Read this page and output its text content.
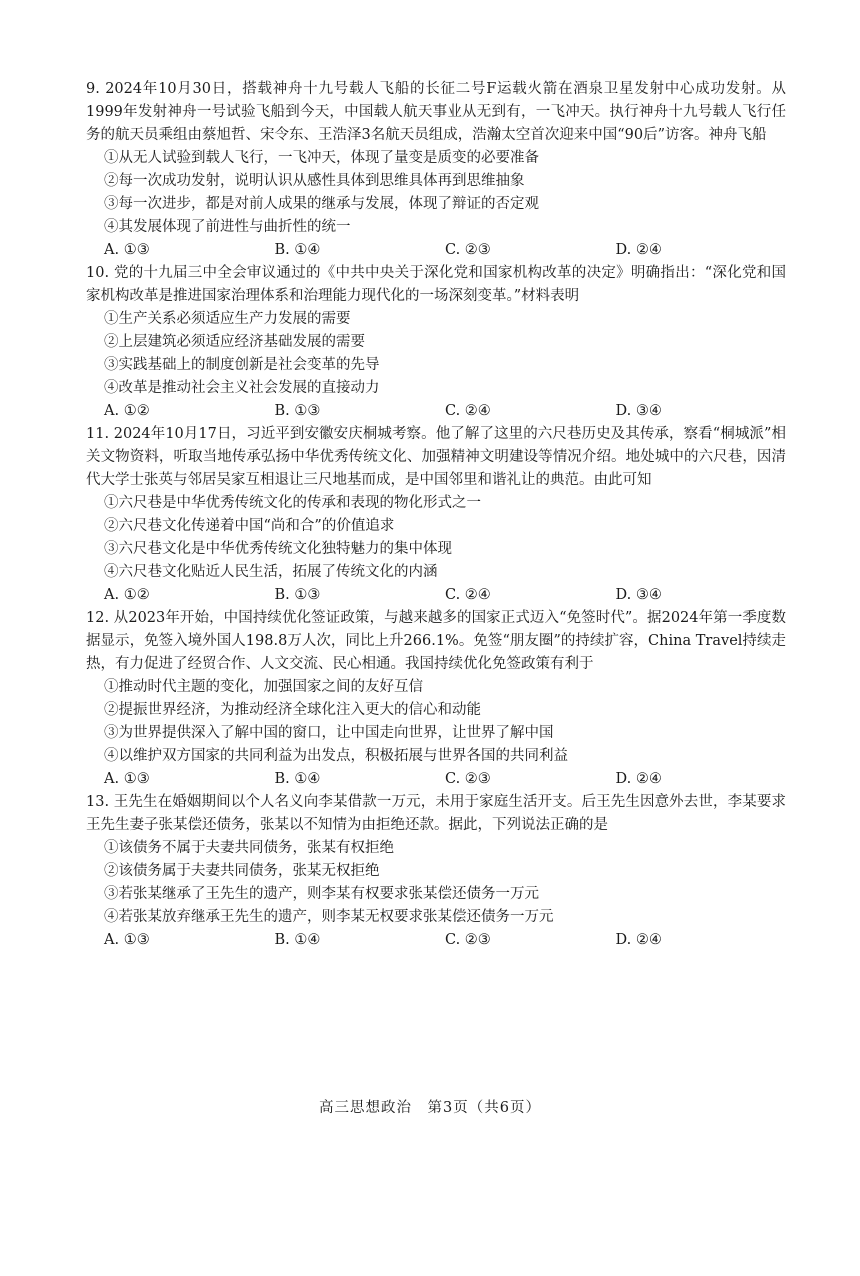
9. 2024年10月30日，搭载神舟十九号载人飞船的长征二号F运载火箭在酒泉卫星发射中心成功发射。从1999年发射神舟一号试验飞船到今天，中国载人航天事业从无到有，一飞冲天。执行神舟十九号载人飞行任务的航天员乘组由蔡旭哲、宋令东、王浩泽3名航天员组成，浩瀚太空首次迎来中国“90后”访客。神舟飞船
①从无人试验到载人飞行，一飞冲天，体现了量变是质变的必要准备
②每一次成功发射，说明认识从感性具体到思维具体再到思维抽象
③每一次进步，都是对前人成果的继承与发展，体现了辩证的否定观
④其发展体现了前进性与曲折性的统一
A. ①③	B. ①④	C. ②③	D. ②④
10. 党的十九届三中全会审议通过的《中共中央关于深化党和国家机构改革的决定》明确指出：“深化党和国家机构改革是推进国家治理体系和治理能力现代化的一场深刻变革。”材料表明
①生产关系必须适应生产力发展的需要
②上层建筑必须适应经济基础发展的需要
③实践基础上的制度创新是社会变革的先导
④改革是推动社会主义社会发展的直接动力
A. ①②	B. ①③	C. ②④	D. ③④
11. 2024年10月17日，习近平到安徽安庆桐城考察。他了解了这里的六尺巷历史及其传承，察看“桐城派”相关文物资料，听取当地传承弘扬中华优秀传统文化、加强精神文明建设等情况介绍。地处城中的六尺巷，因清代大学士张英与邻居吴家互相退让三尺地基而成，是中国邻里和谐礼让的典范。由此可知
①六尺巷是中华优秀传统文化的传承和表现的物化形式之一
②六尺巷文化传递着中国“尚和合”的价值追求
③六尺巷文化是中华优秀传统文化独特魅力的集中体现
④六尺巷文化贴近人民生活，拓展了传统文化的内涵
A. ①②	B. ①③	C. ②④	D. ③④
12. 从2023年开始，中国持续优化签证政策，与越来越多的国家正式迈入“免签时代”。据2024年第一季度数据显示，免签入境外国人198.8万人次，同比上升266.1%。免签“朋友圈”的持续扩容，China Travel持续走热，有力促进了经贸合作、人文交流、民心相通。我国持续优化免签政策有利于
①推动时代主题的变化，加强国家之间的友好互信
②提振世界经济，为推动经济全球化注入更大的信心和动能
③为世界提供深入了解中国的窗口，让中国走向世界，让世界了解中国
④以维护双方国家的共同利益为出发点，积极拓展与世界各国的共同利益
A. ①③	B. ①④	C. ②③	D. ②④
13. 王先生在婚姻期间以个人名义向李某借款一万元，未用于家庭生活开支。后王先生因意外去世，李某要求王先生妻子张某偿还债务，张某以不知情为由拒绝还款。据此，下列说法正确的是
①该债务不属于夫妻共同债务，张某有权拒绝
②该债务属于夫妻共同债务，张某无权拒绝
③若张某继承了王先生的遗产，则李某有权要求张某偿还债务一万元
④若张某放弃继承王先生的遗产，则李某无权要求张某偿还债务一万元
A. ①③	B. ①④	C. ②③	D. ②④
高三思想政治　第3页（共6页）
